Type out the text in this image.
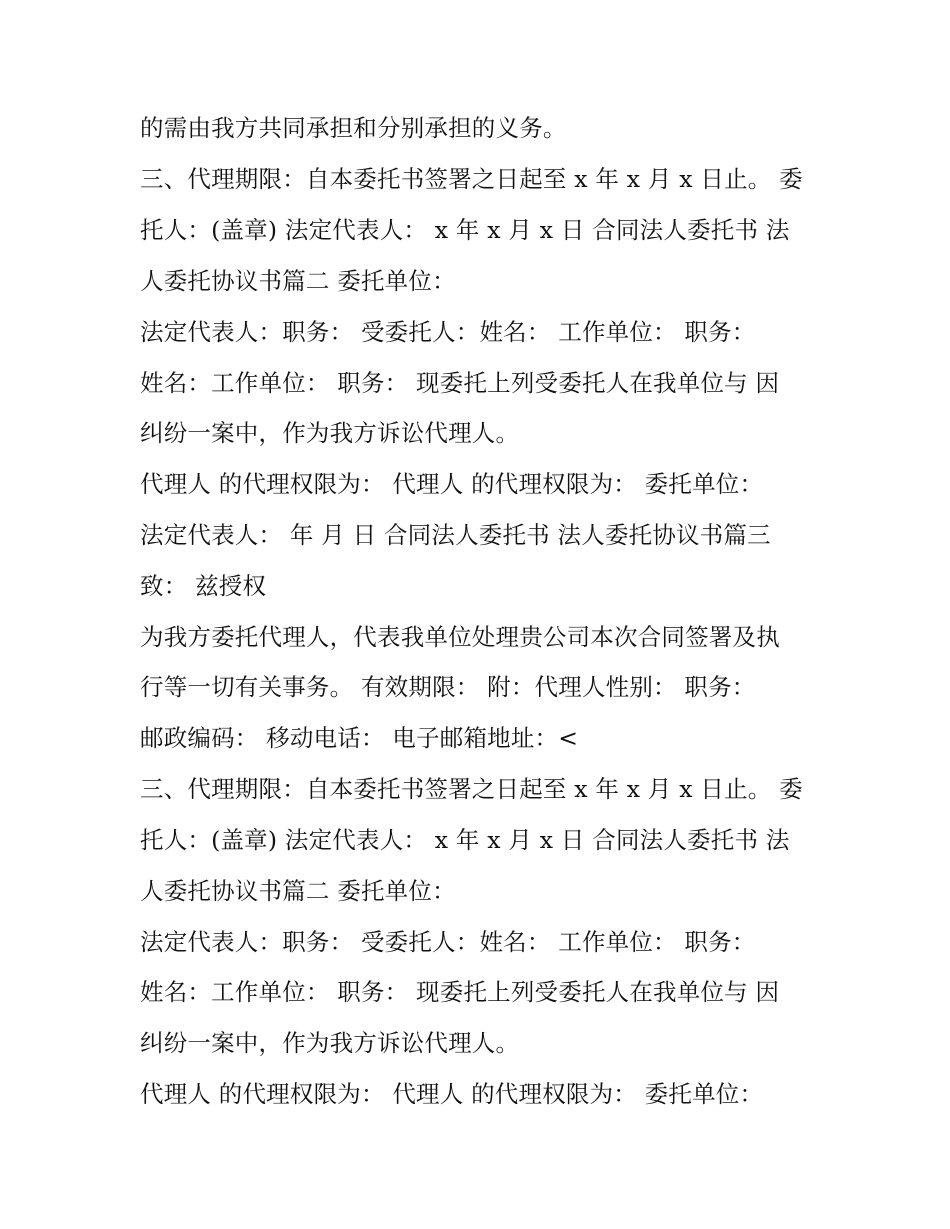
的需由我方共同承担和分别承担的义务。
三、代理期限：自本委托书签署之日起至 x 年 x 月 x 日止。 委
托人：(盖章) 法定代表人： x 年 x 月 x 日 合同法人委托书 法
人委托协议书篇二 委托单位：
法定代表人：职务： 受委托人：姓名： 工作单位： 职务：
姓名：工作单位： 职务： 现委托上列受委托人在我单位与 因
纠纷一案中，作为我方诉讼代理人。
代理人 的代理权限为： 代理人 的代理权限为： 委托单位：
法定代表人： 年 月 日 合同法人委托书 法人委托协议书篇三
致： 兹授权
为我方委托代理人，代表我单位处理贵公司本次合同签署及执
行等一切有关事务。 有效期限： 附：代理人性别： 职务：
邮政编码： 移动电话： 电子邮箱地址：<
三、代理期限：自本委托书签署之日起至 x 年 x 月 x 日止。 委
托人：(盖章) 法定代表人： x 年 x 月 x 日 合同法人委托书 法
人委托协议书篇二 委托单位：
法定代表人：职务： 受委托人：姓名： 工作单位： 职务：
姓名：工作单位： 职务： 现委托上列受委托人在我单位与 因
纠纷一案中，作为我方诉讼代理人。
代理人 的代理权限为： 代理人 的代理权限为： 委托单位：
